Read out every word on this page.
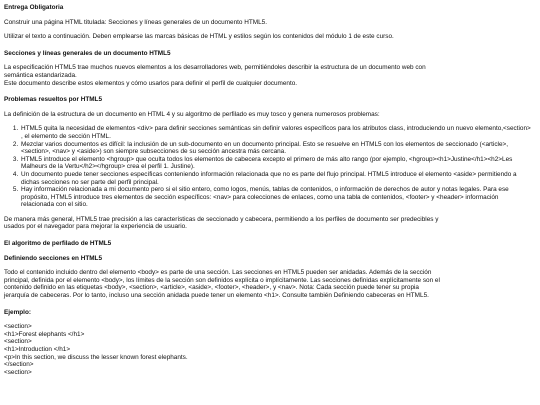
Entrega Obligatoria

Construir una página HTML titulada: Secciones y líneas generales de un documento HTML5.

Utilizar el texto a continuación. Deben emplearse las marcas básicas de HTML y estilos según los contenidos del módulo 1 de este curso.

Secciones y líneas generales de un documento HTML5

La especificación HTML5 trae muchos nuevos elementos a los desarrolladores web, permitiéndoles describir la estructura de un documento web con

semántica estandarizada.

Este documento describe estos elementos y cómo usarlos para definir el perfil de cualquier documento.

Problemas resueltos por HTML5

La definición de la estructura de un documento en HTML 4 y su algoritmo de perfilado es muy tosco y genera numerosos problemas:

1. HTML5 quita la necesidad de elementos <div> para definir secciones semánticas sin definir valores específicos para los atributos class, introduciendo un nuevo elemento,<section> , el elemento de sección HTML.
2. Mezclar varios documentos es difícil: la inclusión de un sub-documento en un documento principal. Esto se resuelve en HTML5 con los elementos de seccionado (<article>, <section>, <nav> y <aside>) son siempre subsecciones de su sección ancestra más cercana.
3. HTML5 introduce el elemento <hgroup> que oculta todos los elementos de cabecera excepto el primero de más alto rango (por ejemplo, <hgroup><h1>Justine</h1><h2>Les Malheurs de la Vertu</h2></hgroup> crea el perfil 1. Justine).
4. Un documento puede tener secciones específicas conteniendo información relacionada que no es parte del flujo principal. HTML5 introduce el elemento <aside> permitiendo a dichas secciones no ser parte del perfil principal.
5. Hay información relacionada a mi documento pero si el sitio entero, como logos, menús, tablas de contenidos, o información de derechos de autor y notas legales. Para ese propósito, HTML5 introduce tres elementos de sección específicos: <nav> para colecciones de enlaces, como una tabla de contenidos, <footer> y <header> información relacionada con el sitio.

De manera más general, HTML5 trae precisión a las características de seccionado y cabecera, permitiendo a los perfiles de documento ser predecibles y

usados por el navegador para mejorar la experiencia de usuario.

El algoritmo de perfilado de HTML5

Definiendo secciones en HTML5

Todo el contenido incluido dentro del elemento <body> es parte de una sección. Las secciones en HTML5 pueden ser anidadas. Además de la sección

principal, definida por el elemento <body>, los límites de la sección son definidos explícita o implícitamente. Las secciones definidas explícitamente son el

contenido definido en las etiquetas <body>, <section>, <article>, <aside>, <footer>, <header>, y <nav>. Nota: Cada sección puede tener su propia

jerarquía de cabeceras. Por lo tanto, incluso una sección anidada puede tener un elemento <h1>. Consulte también Definiendo cabeceras en HTML5.

Ejemplo:

<section>

<h1>Forest elephants </h1>

<section>

<h1>Introduction </h1>

<p>In this section, we discuss the lesser known forest elephants.

</section>

<section>
